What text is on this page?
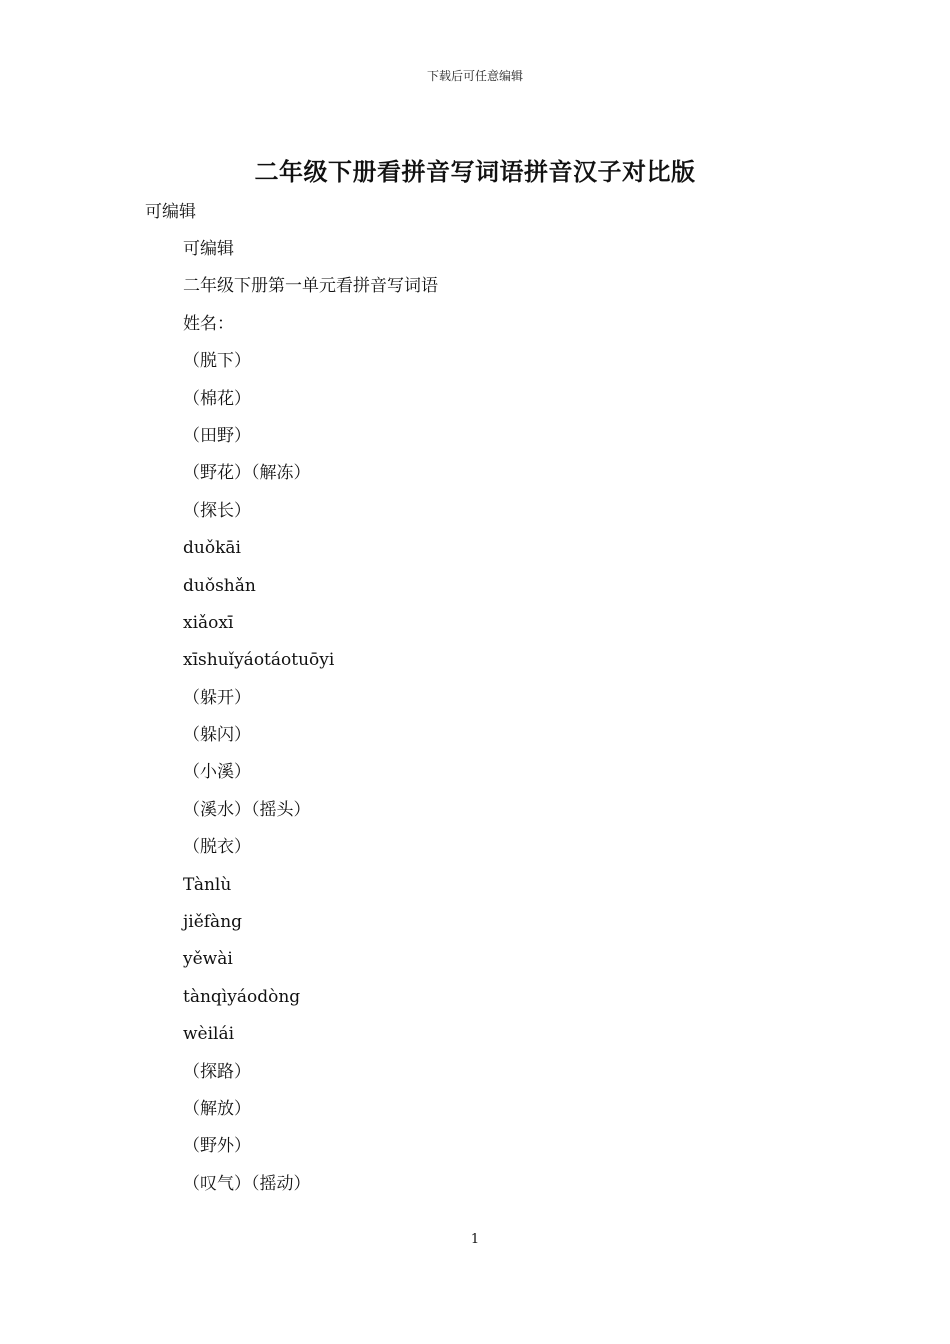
下载后可任意编辑
二年级下册看拼音写词语拼音汉子对比版
可编辑
可编辑
二年级下册第一单元看拼音写词语
姓名：
（脱下）
（棉花）
（田野）
（野花）（解冻）
（探长）
duǒkāi
duǒshǎn
xiǎoxī
xīshuǐyáotáotuōyi
（躲开）
（躲闪）
（小溪）
（溪水）（摇头）
（脱衣）
Tànlù
jiěfàng
yěwài
tànqìyáodòng
wèilái
（探路）
（解放）
（野外）
（叹气）（摇动）
1
